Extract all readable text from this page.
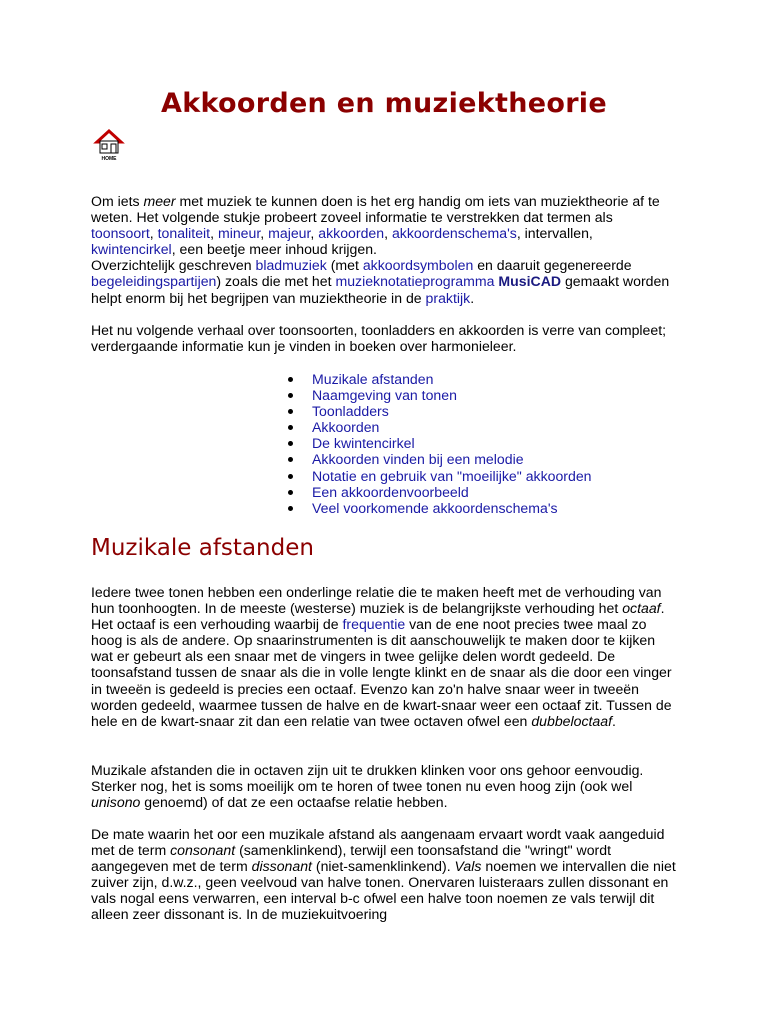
Akkoorden en muziektheorie
HOME

Om iets meer met muziek te kunnen doen is het erg handig om iets van muziektheorie af te weten. Het volgende stukje probeert zoveel informatie te verstrekken dat termen als toonsoort, tonaliteit, mineur, majeur, akkoorden, akkoordenschema's, intervallen, kwintencirkel, een beetje meer inhoud krijgen.
Overzichtelijk geschreven bladmuziek (met akkoordsymbolen en daaruit gegenereerde begeleidingspartijen) zoals die met het muzieknotatieprogramma MusiCAD gemaakt worden helpt enorm bij het begrijpen van muziektheorie in de praktijk.

Het nu volgende verhaal over toonsoorten, toonladders en akkoorden is verre van compleet; verdergaande informatie kun je vinden in boeken over harmonieleer.

Muzikale afstanden
Naamgeving van tonen
Toonladders
Akkoorden
De kwintencirkel
Akkoorden vinden bij een melodie
Notatie en gebruik van "moeilijke" akkoorden
Een akkoordenvoorbeeld
Veel voorkomende akkoordenschema's
Muzikale afstanden

Iedere twee tonen hebben een onderlinge relatie die te maken heeft met de verhouding van hun toonhoogten. In de meeste (westerse) muziek is de belangrijkste verhouding het octaaf. Het octaaf is een verhouding waarbij de frequentie van de ene noot precies twee maal zo hoog is als de andere. Op snaarinstrumenten is dit aanschouwelijk te maken door te kijken wat er gebeurt als een snaar met de vingers in twee gelijke delen wordt gedeeld. De toonsafstand tussen de snaar als die in volle lengte klinkt en de snaar als die door een vinger in tweeën is gedeeld is precies een octaaf. Evenzo kan zo'n halve snaar weer in tweeën worden gedeeld, waarmee tussen de halve en de kwart-snaar weer een octaaf zit. Tussen de hele en de kwart-snaar zit dan een relatie van twee octaven ofwel een dubbeloctaaf.

Muzikale afstanden die in octaven zijn uit te drukken klinken voor ons gehoor eenvoudig. Sterker nog, het is soms moeilijk om te horen of twee tonen nu even hoog zijn (ook wel unisono genoemd) of dat ze een octaafse relatie hebben.

De mate waarin het oor een muzikale afstand als aangenaam ervaart wordt vaak aangeduid met de term consonant (samenklinkend), terwijl een toonsafstand die "wringt" wordt aangegeven met de term dissonant (niet-samenklinkend). Vals noemen we intervallen die niet zuiver zijn, d.w.z., geen veelvoud van halve tonen. Onervaren luisteraars zullen dissonant en vals nogal eens verwarren, een interval b-c ofwel een halve toon noemen ze vals terwijl dit alleen zeer dissonant is. In de muziekuitvoering
